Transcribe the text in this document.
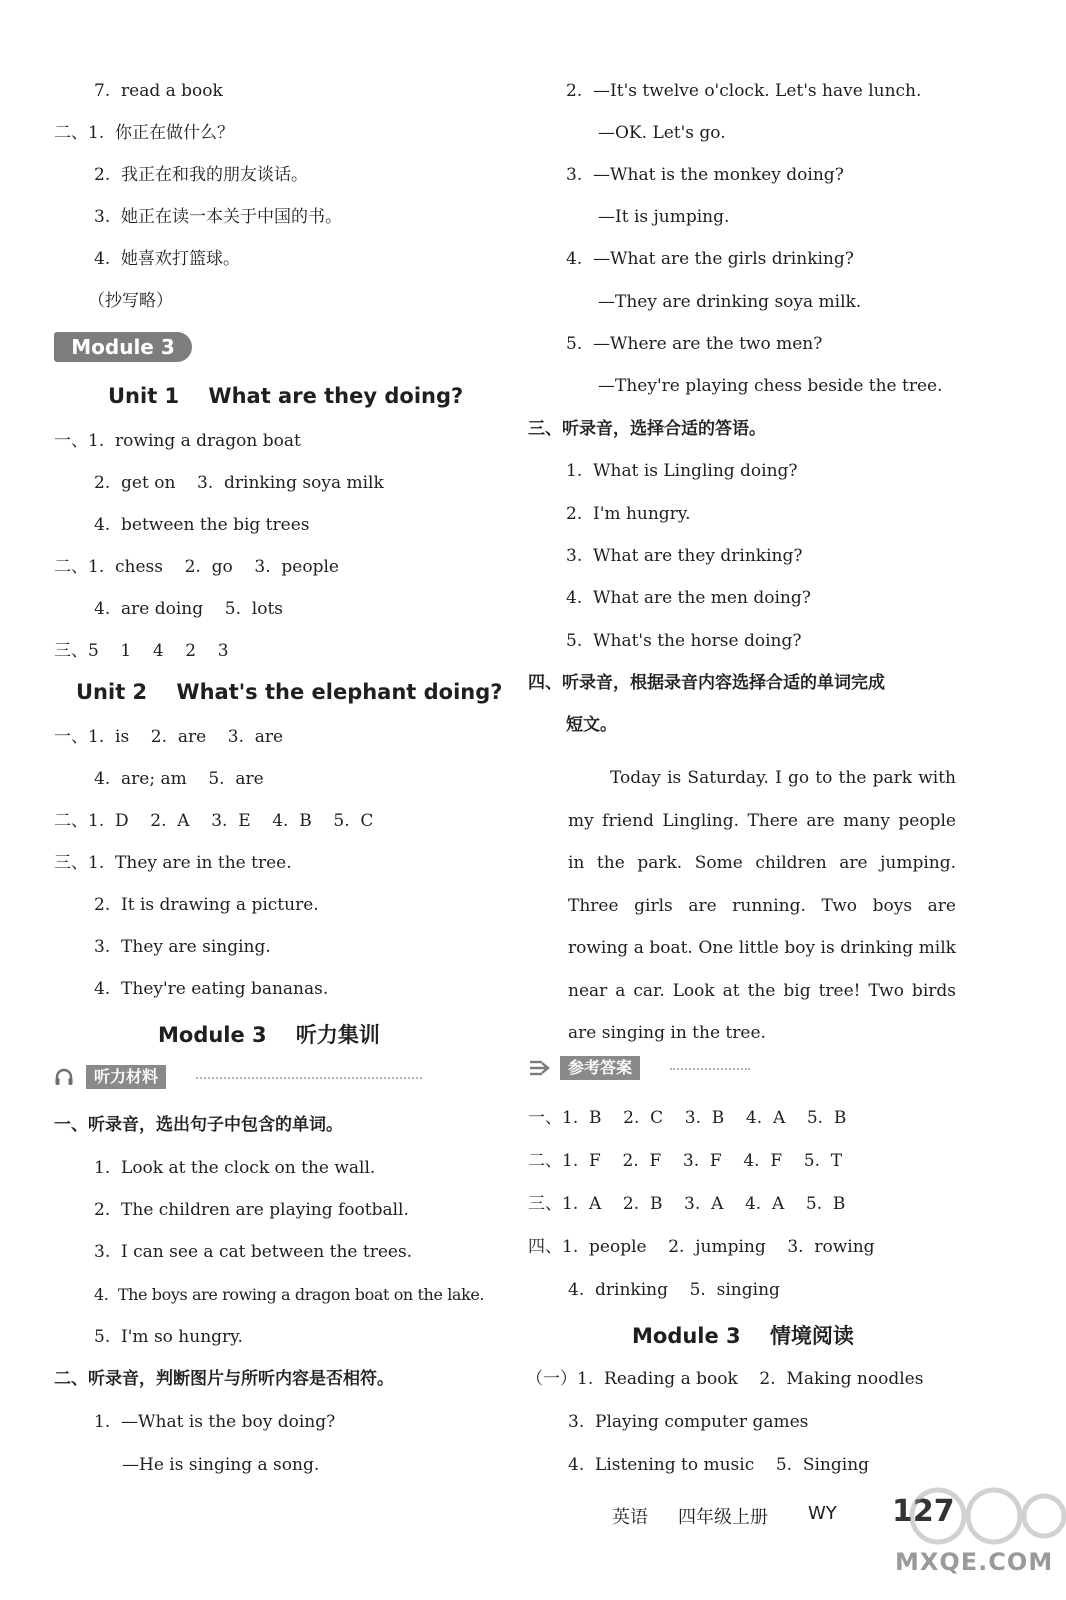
7.  read a book
二、1.  你正在做什么？
2.  我正在和我的朋友谈话。
3.  她正在读一本关于中国的书。
4.  她喜欢打篮球。
（抄写略）
Module 3
Unit 1    What are they doing?
一、1.  rowing a dragon boat
2.  get on    3.  drinking soya milk
4.  between the big trees
二、1.  chess    2.  go    3.  people
4.  are doing    5.  lots
三、5    1    4    2    3
Unit 2    What's the elephant doing?
一、1.  is    2.  are    3.  are
4.  are; am    5.  are
二、1.  D    2.  A    3.  E    4.  B    5.  C
三、1.  They are in the tree.
2.  It is drawing a picture.
3.  They are singing.
4.  They're eating bananas.
Module 3    听力集训
听力材料
一、听录音，选出句子中包含的单词。
1.  Look at the clock on the wall.
2.  The children are playing football.
3.  I can see a cat between the trees.
4.  The boys are rowing a dragon boat on the lake.
5.  I'm so hungry.
二、听录音，判断图片与所听内容是否相符。
1.  —What is the boy doing?
—He is singing a song.
2.  —It's twelve o'clock. Let's have lunch.
—OK. Let's go.
3.  —What is the monkey doing?
—It is jumping.
4.  —What are the girls drinking?
—They are drinking soya milk.
5.  —Where are the two men?
—They're playing chess beside the tree.
三、听录音，选择合适的答语。
1.  What is Lingling doing?
2.  I'm hungry.
3.  What are they drinking?
4.  What are the men doing?
5.  What's the horse doing?
四、听录音，根据录音内容选择合适的单词完成
短文。
Today is Saturday. I go to the park with my friend Lingling. There are many people in the park. Some children are jumping. Three girls are running. Two boys are rowing a boat. One little boy is drinking milk near a car. Look at the big tree! Two birds are singing in the tree.
参考答案
一、1.  B    2.  C    3.  B    4.  A    5.  B
二、1.  F    2.  F    3.  F    4.  F    5.  T
三、1.  A    2.  B    3.  A    4.  A    5.  B
四、1.  people    2.  jumping    3.  rowing
4.  drinking    5.  singing
Module 3    情境阅读
（一）1.  Reading a book    2.  Making noodles
3.  Playing computer games
4.  Listening to music    5.  Singing
英语 四年级上册 WY 127
MXQE.COM
